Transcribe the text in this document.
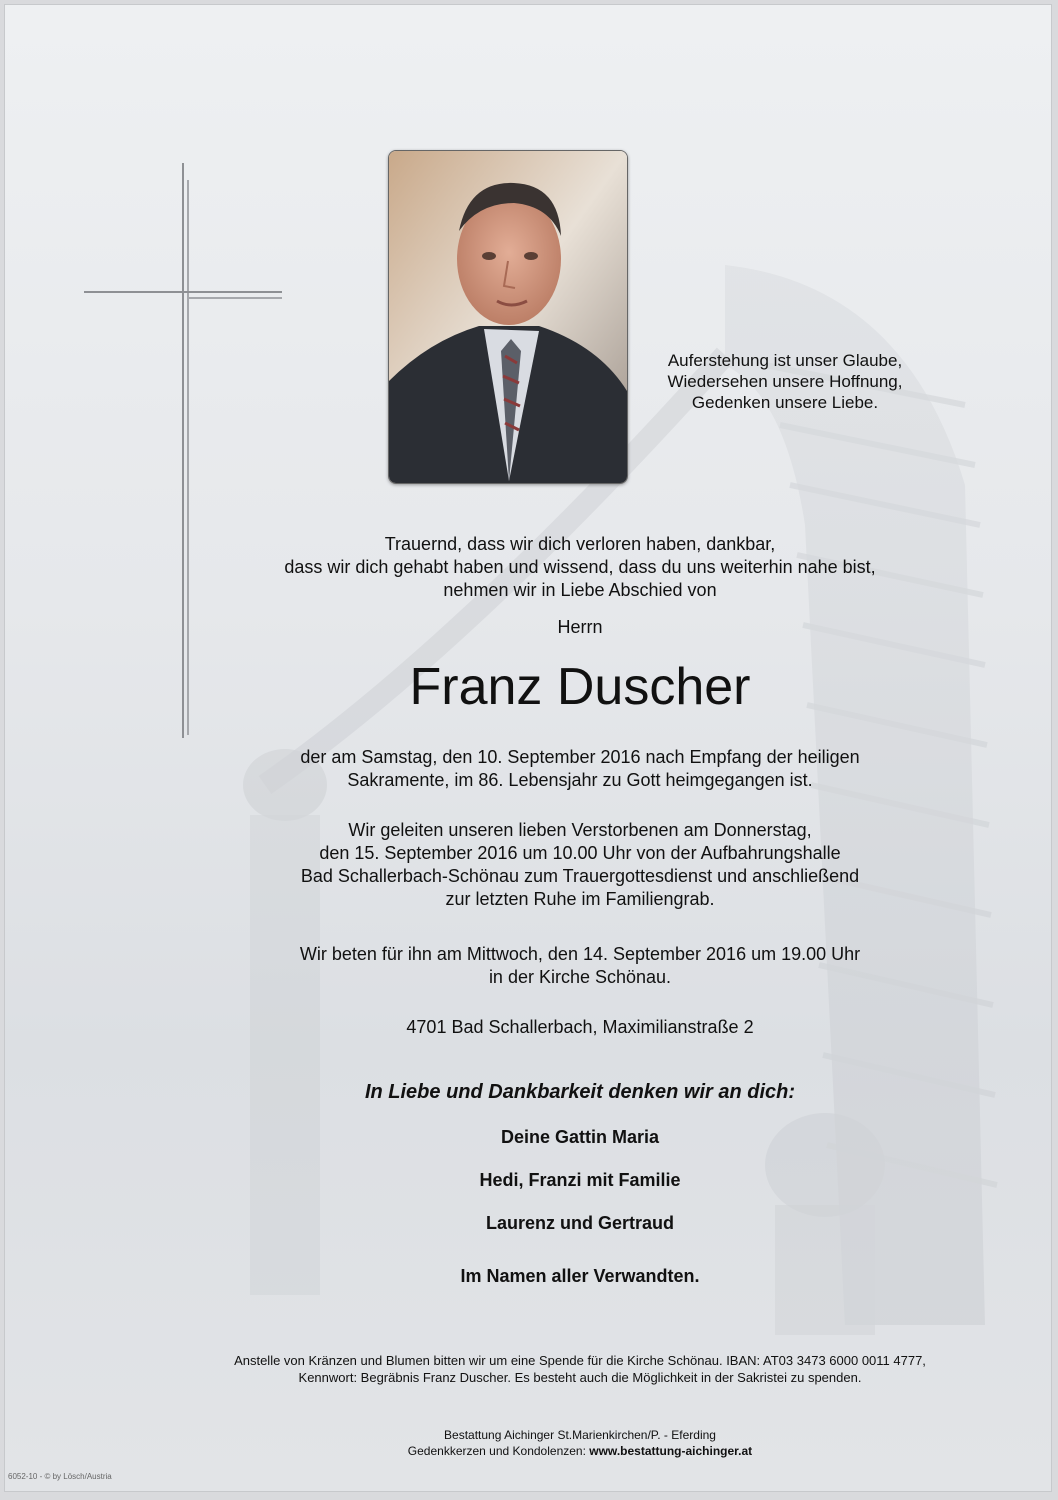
Auferstehung ist unser Glaube,
Wiedersehen unsere Hoffnung,
Gedenken unsere Liebe.
Trauernd, dass wir dich verloren haben, dankbar,
dass wir dich gehabt haben und wissend, dass du uns weiterhin nahe bist,
nehmen wir in Liebe Abschied von
Herrn
Franz Duscher
der am Samstag, den 10. September 2016 nach Empfang der heiligen
Sakramente, im 86. Lebensjahr zu Gott heimgegangen ist.
Wir geleiten unseren lieben Verstorbenen am Donnerstag,
den 15. September 2016 um 10.00 Uhr von der Aufbahrungshalle
Bad Schallerbach-Schönau zum Trauergottesdienst und anschließend
zur letzten Ruhe im Familiengrab.
Wir beten für ihn am Mittwoch, den 14. September 2016 um 19.00 Uhr
in der Kirche Schönau.
4701 Bad Schallerbach, Maximilianstraße 2
In Liebe und Dankbarkeit denken wir an dich:
Deine Gattin Maria
Hedi, Franzi mit Familie
Laurenz und Gertraud
Im Namen aller Verwandten.
Anstelle von Kränzen und Blumen bitten wir um eine Spende für die Kirche Schönau. IBAN: AT03 3473 6000 0011 4777,
Kennwort: Begräbnis Franz Duscher. Es besteht auch die Möglichkeit in der Sakristei zu spenden.
Bestattung Aichinger St.Marienkirchen/P. - Eferding
Gedenkkerzen und Kondolenzen: www.bestattung-aichinger.at
6052-10 - © by Lösch/Austria
